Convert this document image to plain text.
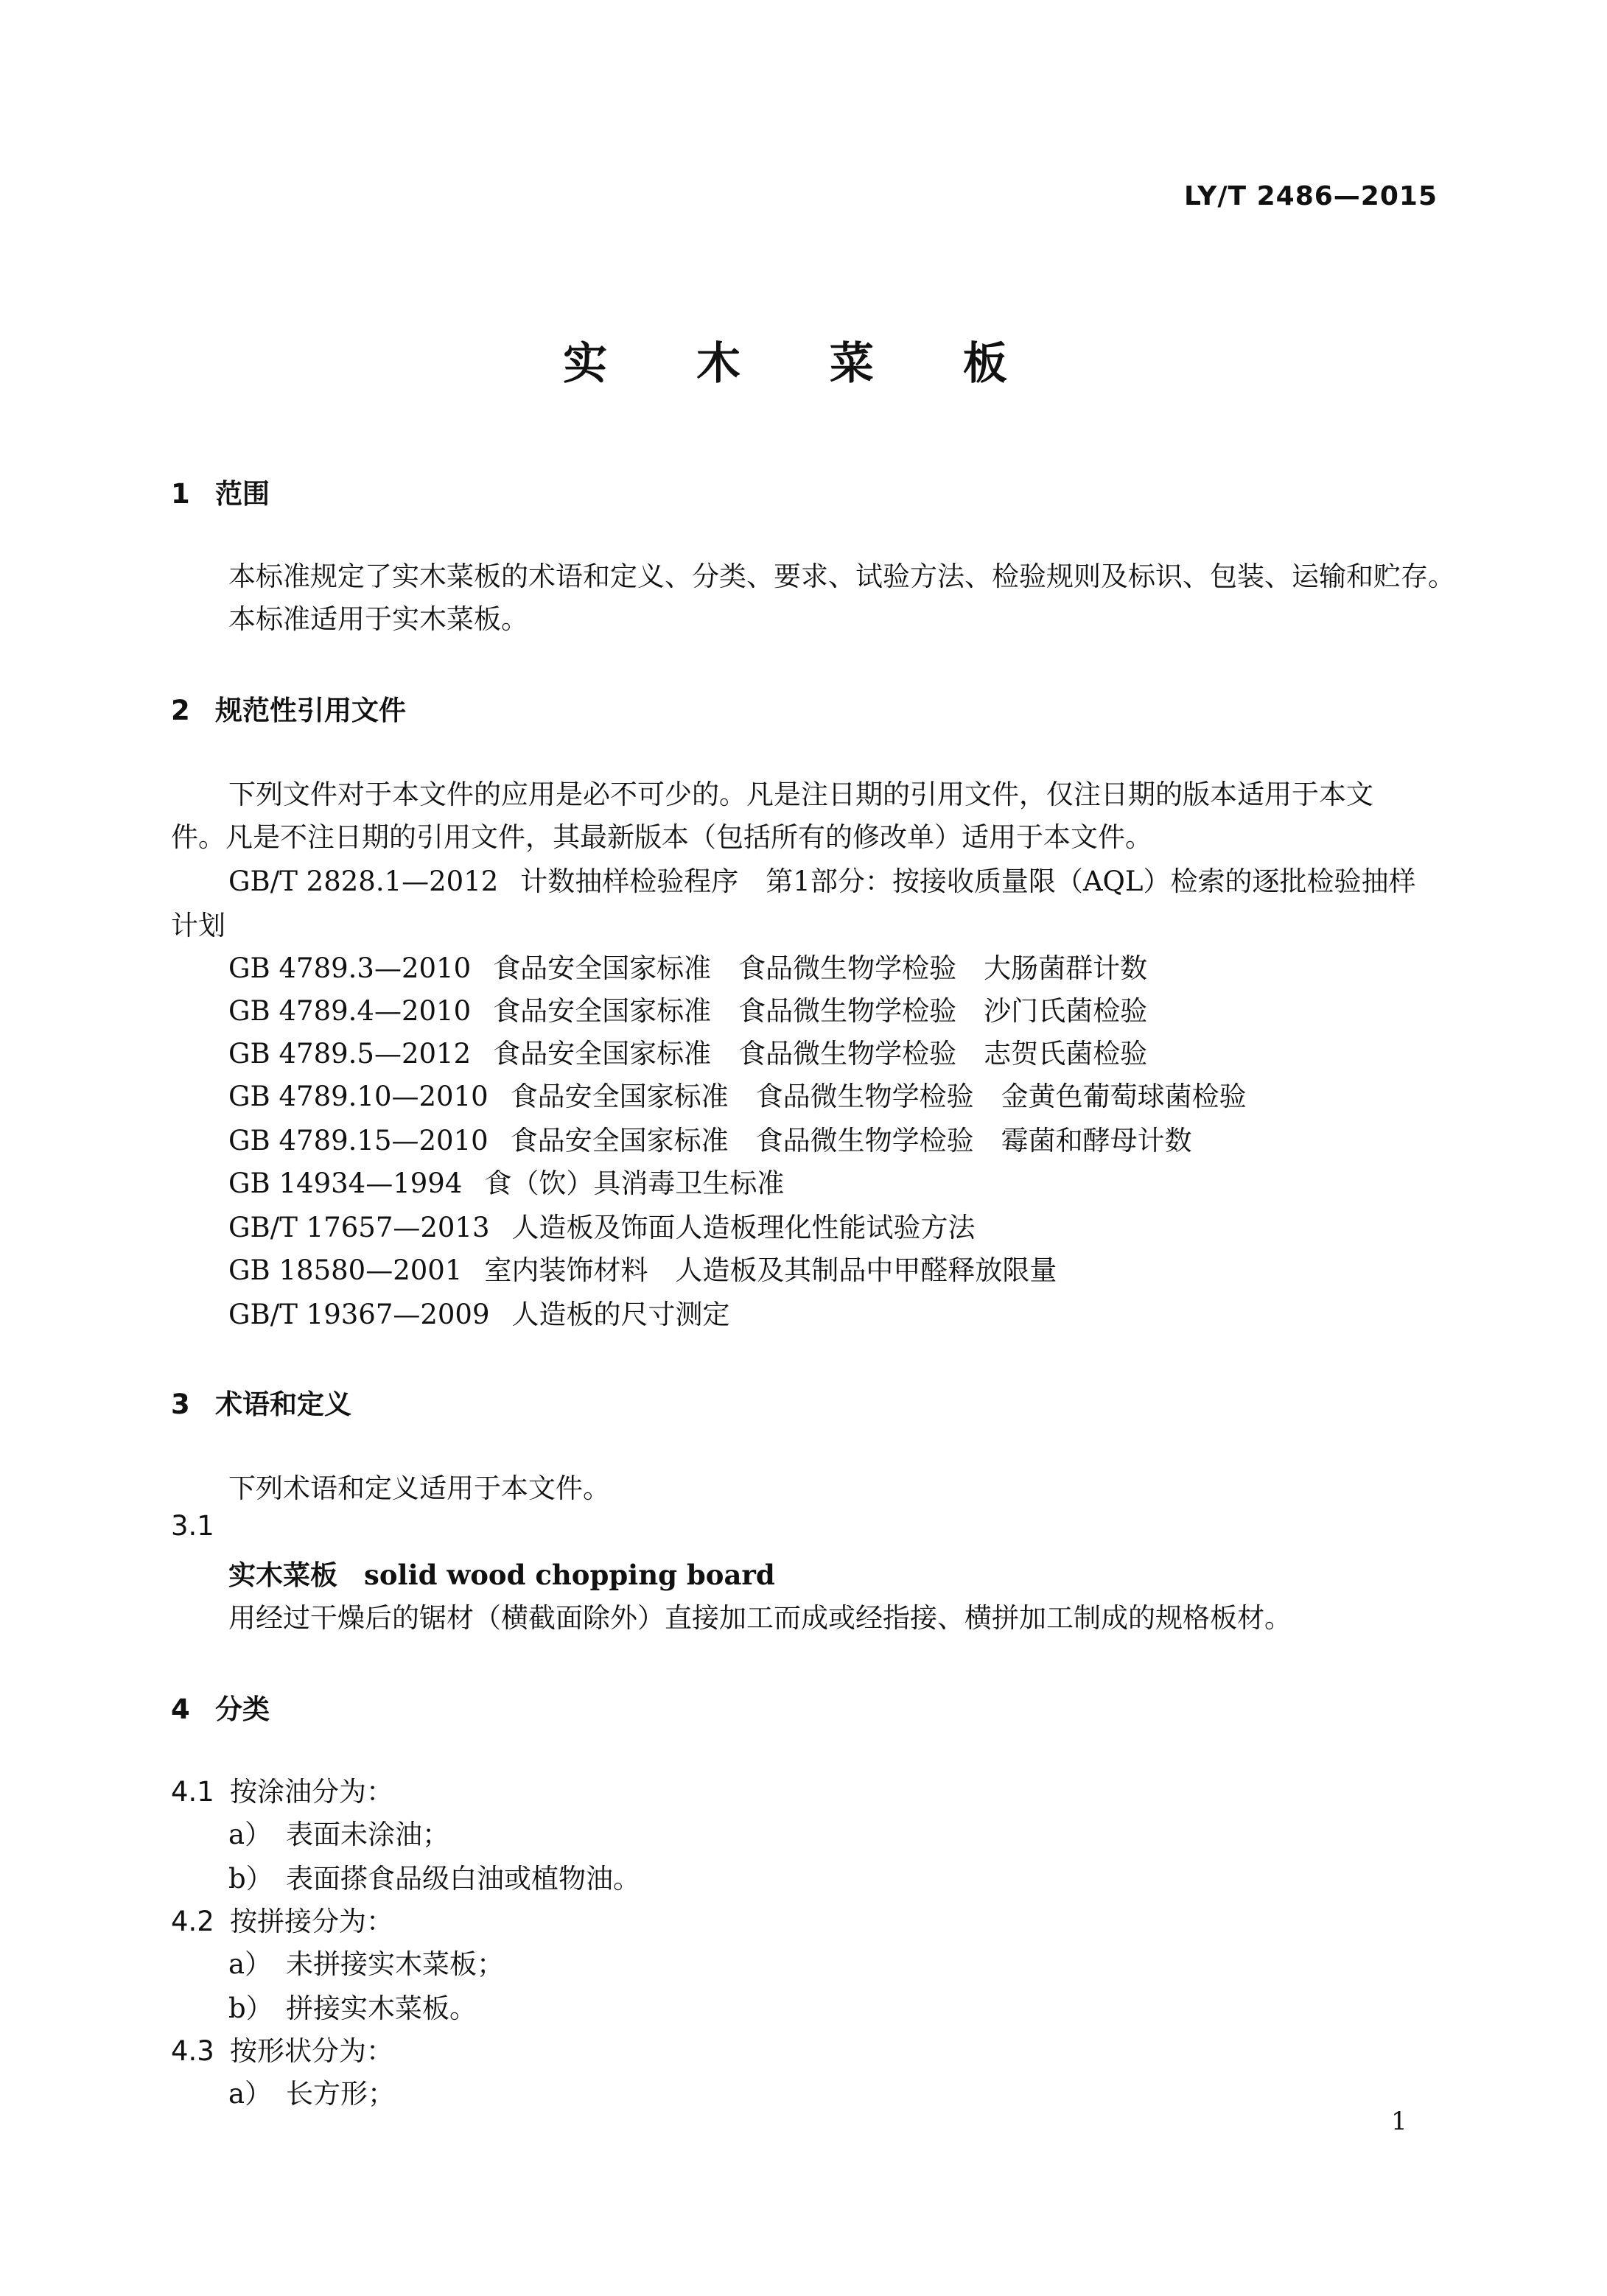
LY/T 2486—2015
实 木 菜 板
1 范围
本标准规定了实木菜板的术语和定义、分类、要求、试验方法、检验规则及标识、包装、运输和贮存。
本标准适用于实木菜板。
2 规范性引用文件
下列文件对于本文件的应用是必不可少的。凡是注日期的引用文件，仅注日期的版本适用于本文
件。凡是不注日期的引用文件，其最新版本（包括所有的修改单）适用于本文件。
GB/T 2828.1—2012 计数抽样检验程序　第1部分：按接收质量限（AQL）检索的逐批检验抽样
计划
GB 4789.3—2010 食品安全国家标准　食品微生物学检验　大肠菌群计数
GB 4789.4—2010 食品安全国家标准　食品微生物学检验　沙门氏菌检验
GB 4789.5—2012 食品安全国家标准　食品微生物学检验　志贺氏菌检验
GB 4789.10—2010 食品安全国家标准　食品微生物学检验　金黄色葡萄球菌检验
GB 4789.15—2010 食品安全国家标准　食品微生物学检验　霉菌和酵母计数
GB 14934—1994 食（饮）具消毒卫生标准
GB/T 17657—2013 人造板及饰面人造板理化性能试验方法
GB 18580—2001 室内装饰材料　人造板及其制品中甲醛释放限量
GB/T 19367—2009 人造板的尺寸测定
3 术语和定义
下列术语和定义适用于本文件。
3.1
实木菜板 solid wood chopping board
用经过干燥后的锯材（横截面除外）直接加工而成或经指接、横拼加工制成的规格板材。
4 分类
4.1 按涂油分为：
a） 表面未涂油；
b） 表面搽食品级白油或植物油。
4.2 按拼接分为：
a） 未拼接实木菜板；
b） 拼接实木菜板。
4.3 按形状分为：
a） 长方形；
1
